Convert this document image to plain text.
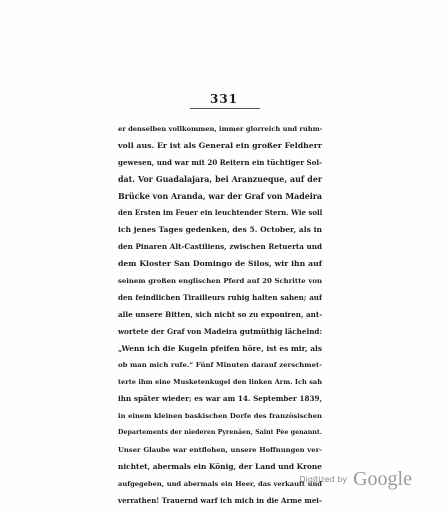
331
er denselben vollkommen, immer glorreich und ruhm-
voll aus. Er ist als General ein großer Feldherr
gewesen, und war mit 20 Reitern ein tüchtiger Sol-
dat. Vor Guadalajara, bei Aranzueque, auf der
Brücke von Aranda, war der Graf von Madeira
den Ersten im Feuer ein leuchtender Stern. Wie soll
ich jenes Tages gedenken, des 5. October, als in
den Pinaren Alt-Castiliens, zwischen Retuerta und
dem Kloster San Domingo de Silos, wir ihn auf
seinem großen englischen Pferd auf 20 Schritte von
den feindlichen Tirailleurs ruhig halten sahen; auf
alle unsere Bitten, sich nicht so zu exponiren, ant-
wortete der Graf von Madeira gutmüthig lächelnd:
„Wenn ich die Kugeln pfeifen höre, ist es mir, als
ob man mich rufe.“ Fünf Minuten darauf zerschmet-
terte ihm eine Musketenkugel den linken Arm. Ich sah
ihn später wieder; es war am 14. September 1839,
in einem kleinen baskischen Dorfe des französischen
Departements der niederen Pyrenäen, Saint Pée genannt.
Unser Glaube war entflohen, unsere Hoffnungen ver-
nichtet, abermals ein König, der Land und Krone
aufgegeben, und abermals ein Heer, das verkauft und
verrathen! Trauernd warf ich mich in die Arme mei-
Digitized by Google
